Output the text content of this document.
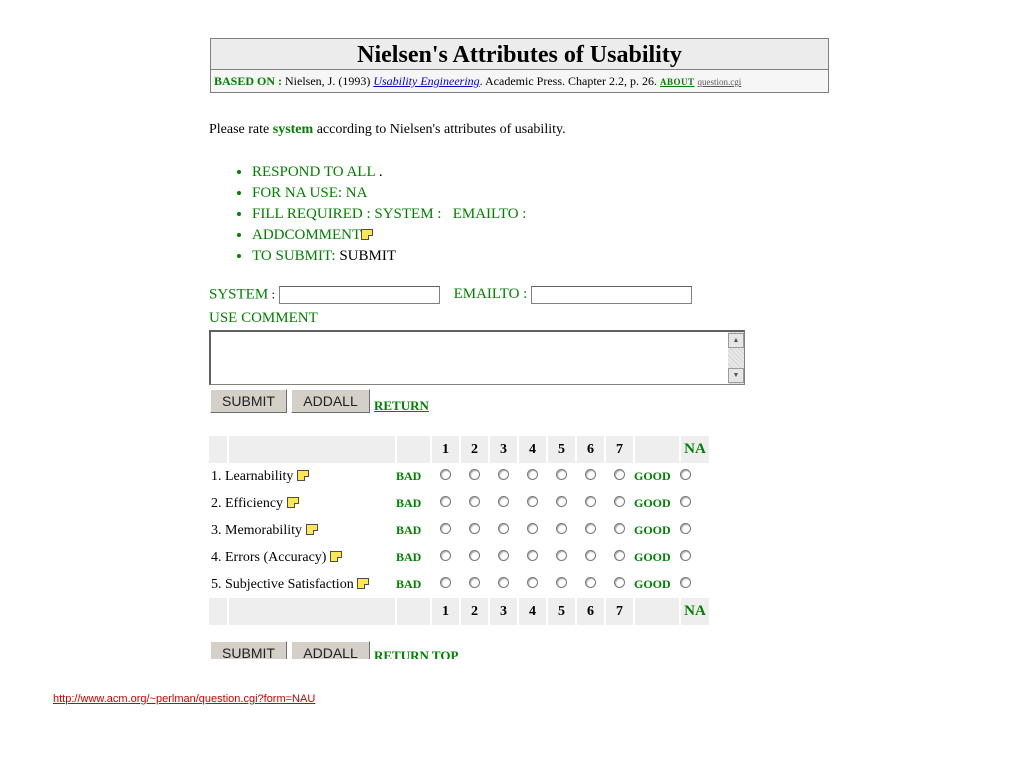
Nielsen's Attributes of Usability
BASED ON : Nielsen, J. (1993) Usability Engineering. Academic Press. Chapter 2.2, p. 26. ABOUT question.cgi
Please rate system according to Nielsen's attributes of usability.
• RESPOND TO ALL .
• FOR NA USE: NA
• FILL REQUIRED : SYSTEM :   EMAILTO :
• ADDCOMMENT
• TO SUBMIT: SUBMIT
SYSTEM :	EMAILTO :
USE COMMENT
▲
▼
SUBMIT	ADDALL	RETURN
			1	2	3	4	5	6	7		NA
1. Learnability		BAD								GOOD	
2. Efficiency		BAD								GOOD	
3. Memorability		BAD								GOOD	
4. Errors (Accuracy)		BAD								GOOD	
5. Subjective Satisfaction		BAD								GOOD	
			1	2	3	4	5	6	7		NA
SUBMIT	ADDALL	RETURN TOP
http://www.acm.org/~perlman/question.cgi?form=NAU
